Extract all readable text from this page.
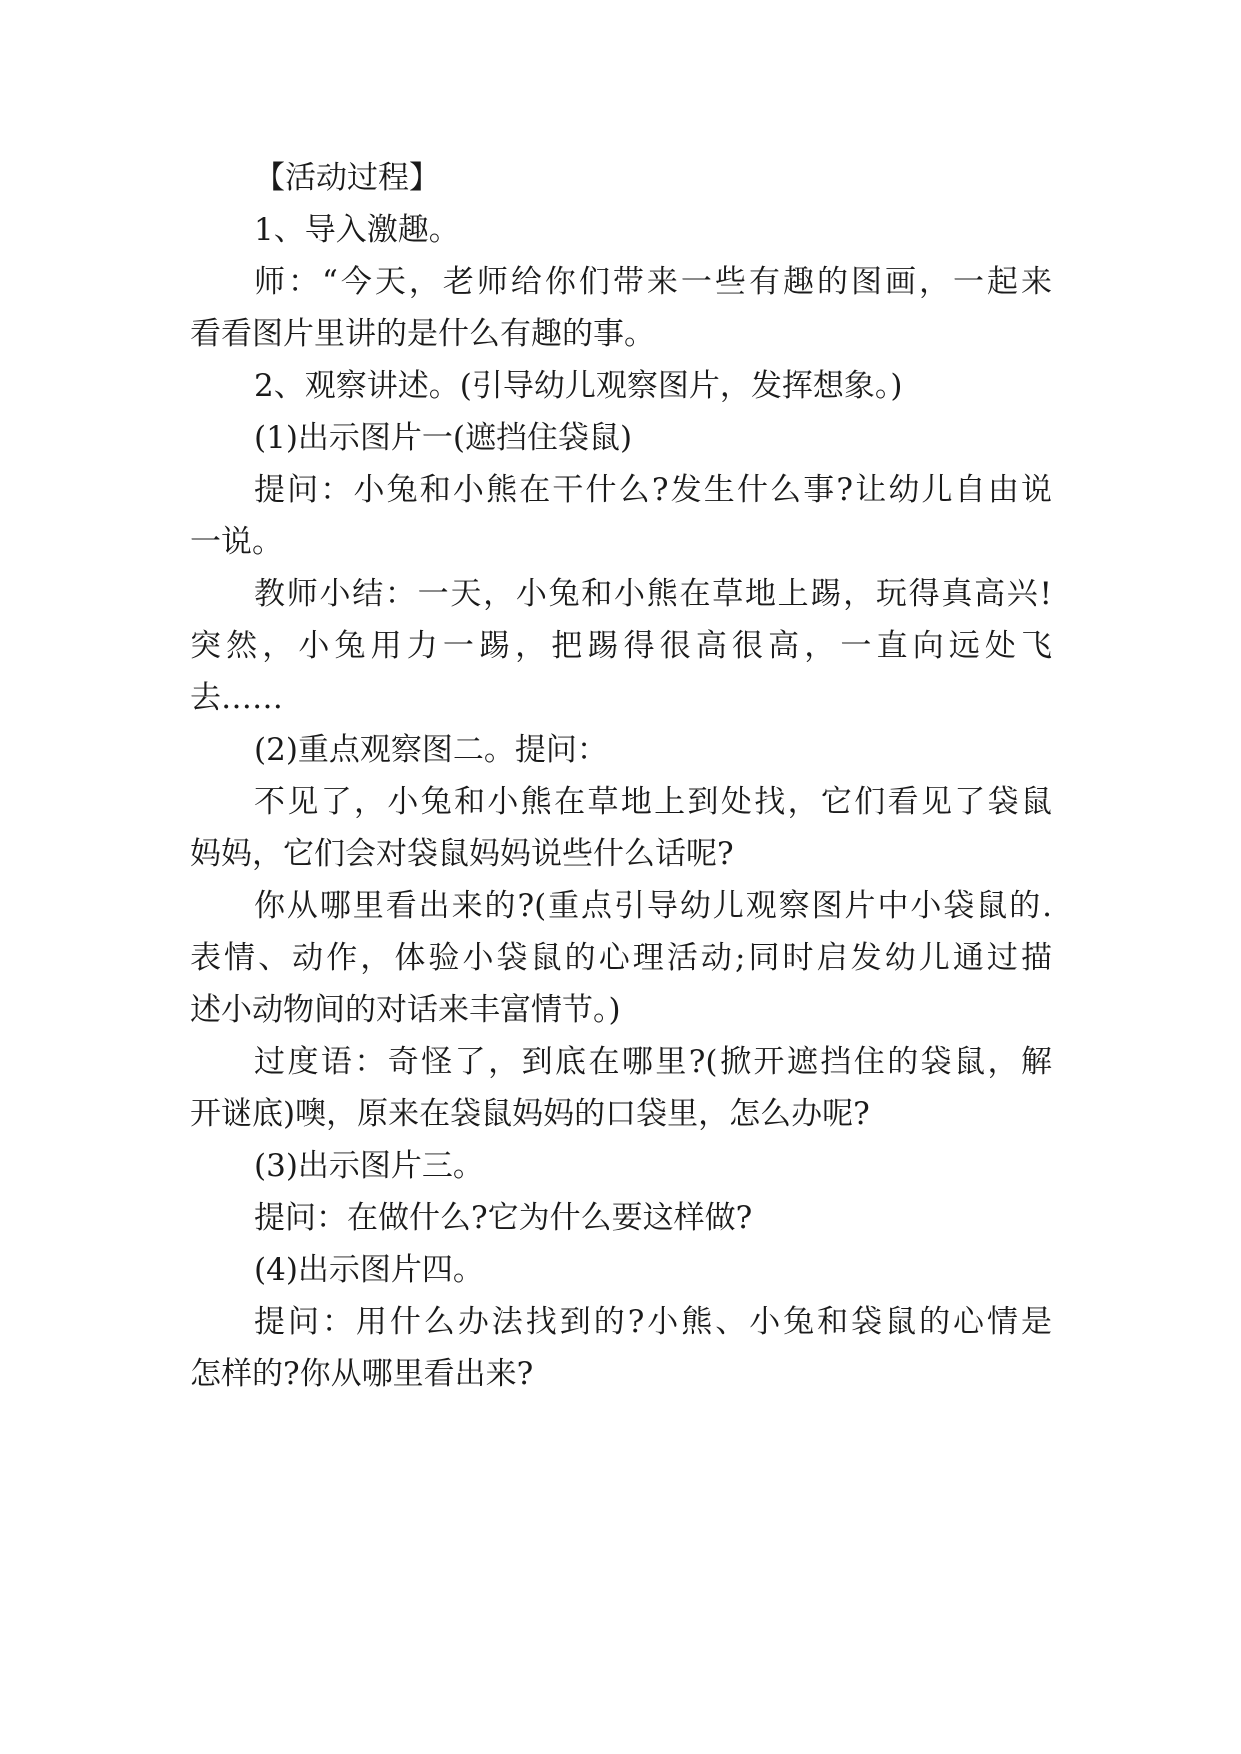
【活动过程】
1、导入激趣。
师：“今天，老师给你们带来一些有趣的图画，一起来
看看图片里讲的是什么有趣的事。
2、观察讲述。(引导幼儿观察图片，发挥想象。)
(1)出示图片一(遮挡住袋鼠)
提问：小兔和小熊在干什么?发生什么事?让幼儿自由说
一说。
教师小结：一天，小兔和小熊在草地上踢，玩得真高兴!
突然，小兔用力一踢，把踢得很高很高，一直向远处飞
去……
(2)重点观察图二。提问：
不见了，小兔和小熊在草地上到处找，它们看见了袋鼠
妈妈，它们会对袋鼠妈妈说些什么话呢?
你从哪里看出来的?(重点引导幼儿观察图片中小袋鼠的.
表情、动作，体验小袋鼠的心理活动;同时启发幼儿通过描
述小动物间的对话来丰富情节。)
过度语：奇怪了，到底在哪里?(掀开遮挡住的袋鼠，解
开谜底)噢，原来在袋鼠妈妈的口袋里，怎么办呢?
(3)出示图片三。
提问：在做什么?它为什么要这样做?
(4)出示图片四。
提问：用什么办法找到的?小熊、小兔和袋鼠的心情是
怎样的?你从哪里看出来?
